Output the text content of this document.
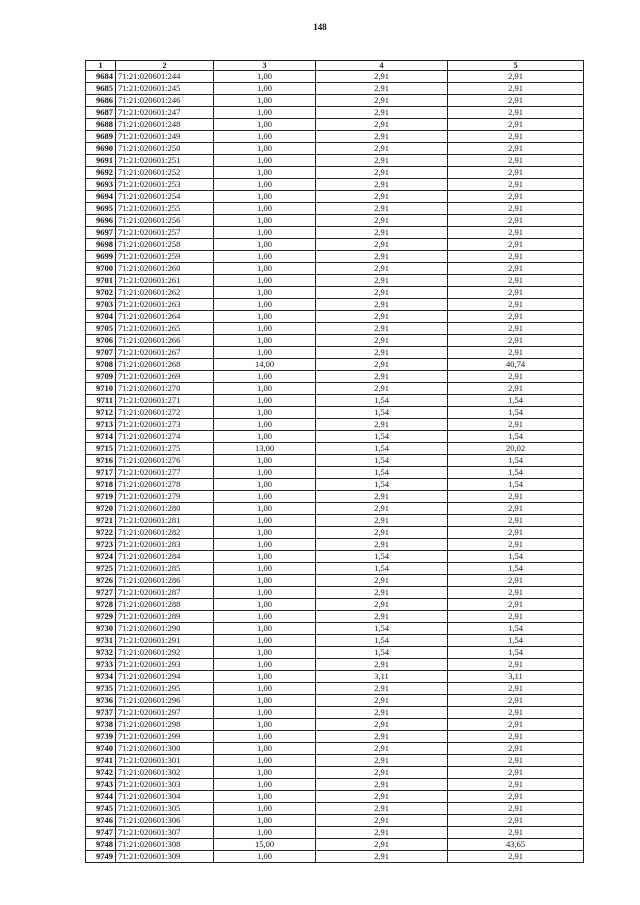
148
1	2	3	4	5
9684	71:21:020601:244	1,00	2,91	2,91
9685	71:21:020601:245	1,00	2,91	2,91
9686	71:21:020601:246	1,00	2,91	2,91
9687	71:21:020601:247	1,00	2,91	2,91
9688	71:21:020601:248	1,00	2,91	2,91
9689	71:21:020601:249	1,00	2,91	2,91
9690	71:21:020601:250	1,00	2,91	2,91
9691	71:21:020601:251	1,00	2,91	2,91
9692	71:21:020601:252	1,00	2,91	2,91
9693	71:21:020601:253	1,00	2,91	2,91
9694	71:21:020601:254	1,00	2,91	2,91
9695	71:21:020601:255	1,00	2,91	2,91
9696	71:21:020601:256	1,00	2,91	2,91
9697	71:21:020601:257	1,00	2,91	2,91
9698	71:21:020601:258	1,00	2,91	2,91
9699	71:21:020601:259	1,00	2,91	2,91
9700	71:21:020601:260	1,00	2,91	2,91
9701	71:21:020601:261	1,00	2,91	2,91
9702	71:21:020601:262	1,00	2,91	2,91
9703	71:21:020601:263	1,00	2,91	2,91
9704	71:21:020601:264	1,00	2,91	2,91
9705	71:21:020601:265	1,00	2,91	2,91
9706	71:21:020601:266	1,00	2,91	2,91
9707	71:21:020601:267	1,00	2,91	2,91
9708	71:21:020601:268	14,00	2,91	40,74
9709	71:21:020601:269	1,00	2,91	2,91
9710	71:21:020601:270	1,00	2,91	2,91
9711	71:21:020601:271	1,00	1,54	1,54
9712	71:21:020601:272	1,00	1,54	1,54
9713	71:21:020601:273	1,00	2,91	2,91
9714	71:21:020601:274	1,00	1,54	1,54
9715	71:21:020601:275	13,00	1,54	20,02
9716	71:21:020601:276	1,00	1,54	1,54
9717	71:21:020601:277	1,00	1,54	1,54
9718	71:21:020601:278	1,00	1,54	1,54
9719	71:21:020601:279	1,00	2,91	2,91
9720	71:21:020601:280	1,00	2,91	2,91
9721	71:21:020601:281	1,00	2,91	2,91
9722	71:21:020601:282	1,00	2,91	2,91
9723	71:21:020601:283	1,00	2,91	2,91
9724	71:21:020601:284	1,00	1,54	1,54
9725	71:21:020601:285	1,00	1,54	1,54
9726	71:21:020601:286	1,00	2,91	2,91
9727	71:21:020601:287	1,00	2,91	2,91
9728	71:21:020601:288	1,00	2,91	2,91
9729	71:21:020601:289	1,00	2,91	2,91
9730	71:21:020601:290	1,00	1,54	1,54
9731	71:21:020601:291	1,00	1,54	1,54
9732	71:21:020601:292	1,00	1,54	1,54
9733	71:21:020601:293	1,00	2,91	2,91
9734	71:21:020601:294	1,00	3,11	3,11
9735	71:21:020601:295	1,00	2,91	2,91
9736	71:21:020601:296	1,00	2,91	2,91
9737	71:21:020601:297	1,00	2,91	2,91
9738	71:21:020601:298	1,00	2,91	2,91
9739	71:21:020601:299	1,00	2,91	2,91
9740	71:21:020601:300	1,00	2,91	2,91
9741	71:21:020601:301	1,00	2,91	2,91
9742	71:21:020601:302	1,00	2,91	2,91
9743	71:21:020601:303	1,00	2,91	2,91
9744	71:21:020601:304	1,00	2,91	2,91
9745	71:21:020601:305	1,00	2,91	2,91
9746	71:21:020601:306	1,00	2,91	2,91
9747	71:21:020601:307	1,00	2,91	2,91
9748	71:21:020601:308	15,00	2,91	43,65
9749	71:21:020601:309	1,00	2,91	2,91
